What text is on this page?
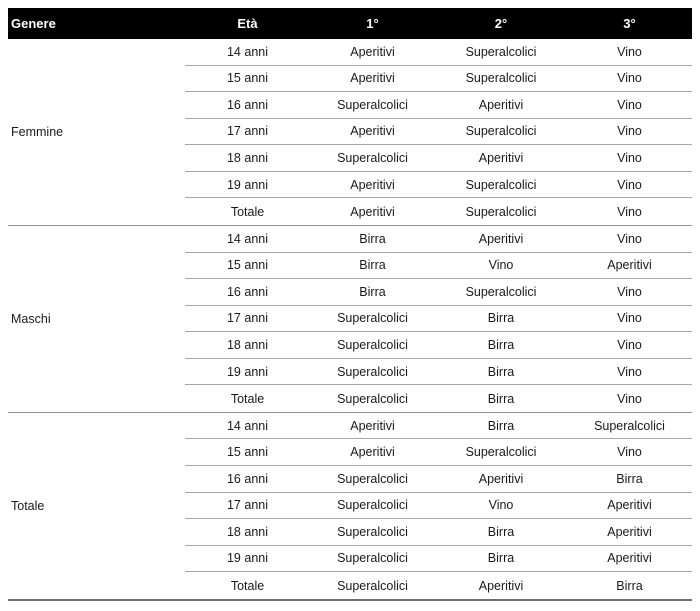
Genere	Età	1°	2°	3°
Femmine
14 anni	Aperitivi	Superalcolici	Vino
15 anni	Aperitivi	Superalcolici	Vino
16 anni	Superalcolici	Aperitivi	Vino
17 anni	Aperitivi	Superalcolici	Vino
18 anni	Superalcolici	Aperitivi	Vino
19 anni	Aperitivi	Superalcolici	Vino
Totale	Aperitivi	Superalcolici	Vino
Maschi
14 anni	Birra	Aperitivi	Vino
15 anni	Birra	Vino	Aperitivi
16 anni	Birra	Superalcolici	Vino
17 anni	Superalcolici	Birra	Vino
18 anni	Superalcolici	Birra	Vino
19 anni	Superalcolici	Birra	Vino
Totale	Superalcolici	Birra	Vino
Totale
14 anni	Aperitivi	Birra	Superalcolici
15 anni	Aperitivi	Superalcolici	Vino
16 anni	Superalcolici	Aperitivi	Birra
17 anni	Superalcolici	Vino	Aperitivi
18 anni	Superalcolici	Birra	Aperitivi
19 anni	Superalcolici	Birra	Aperitivi
Totale	Superalcolici	Aperitivi	Birra
